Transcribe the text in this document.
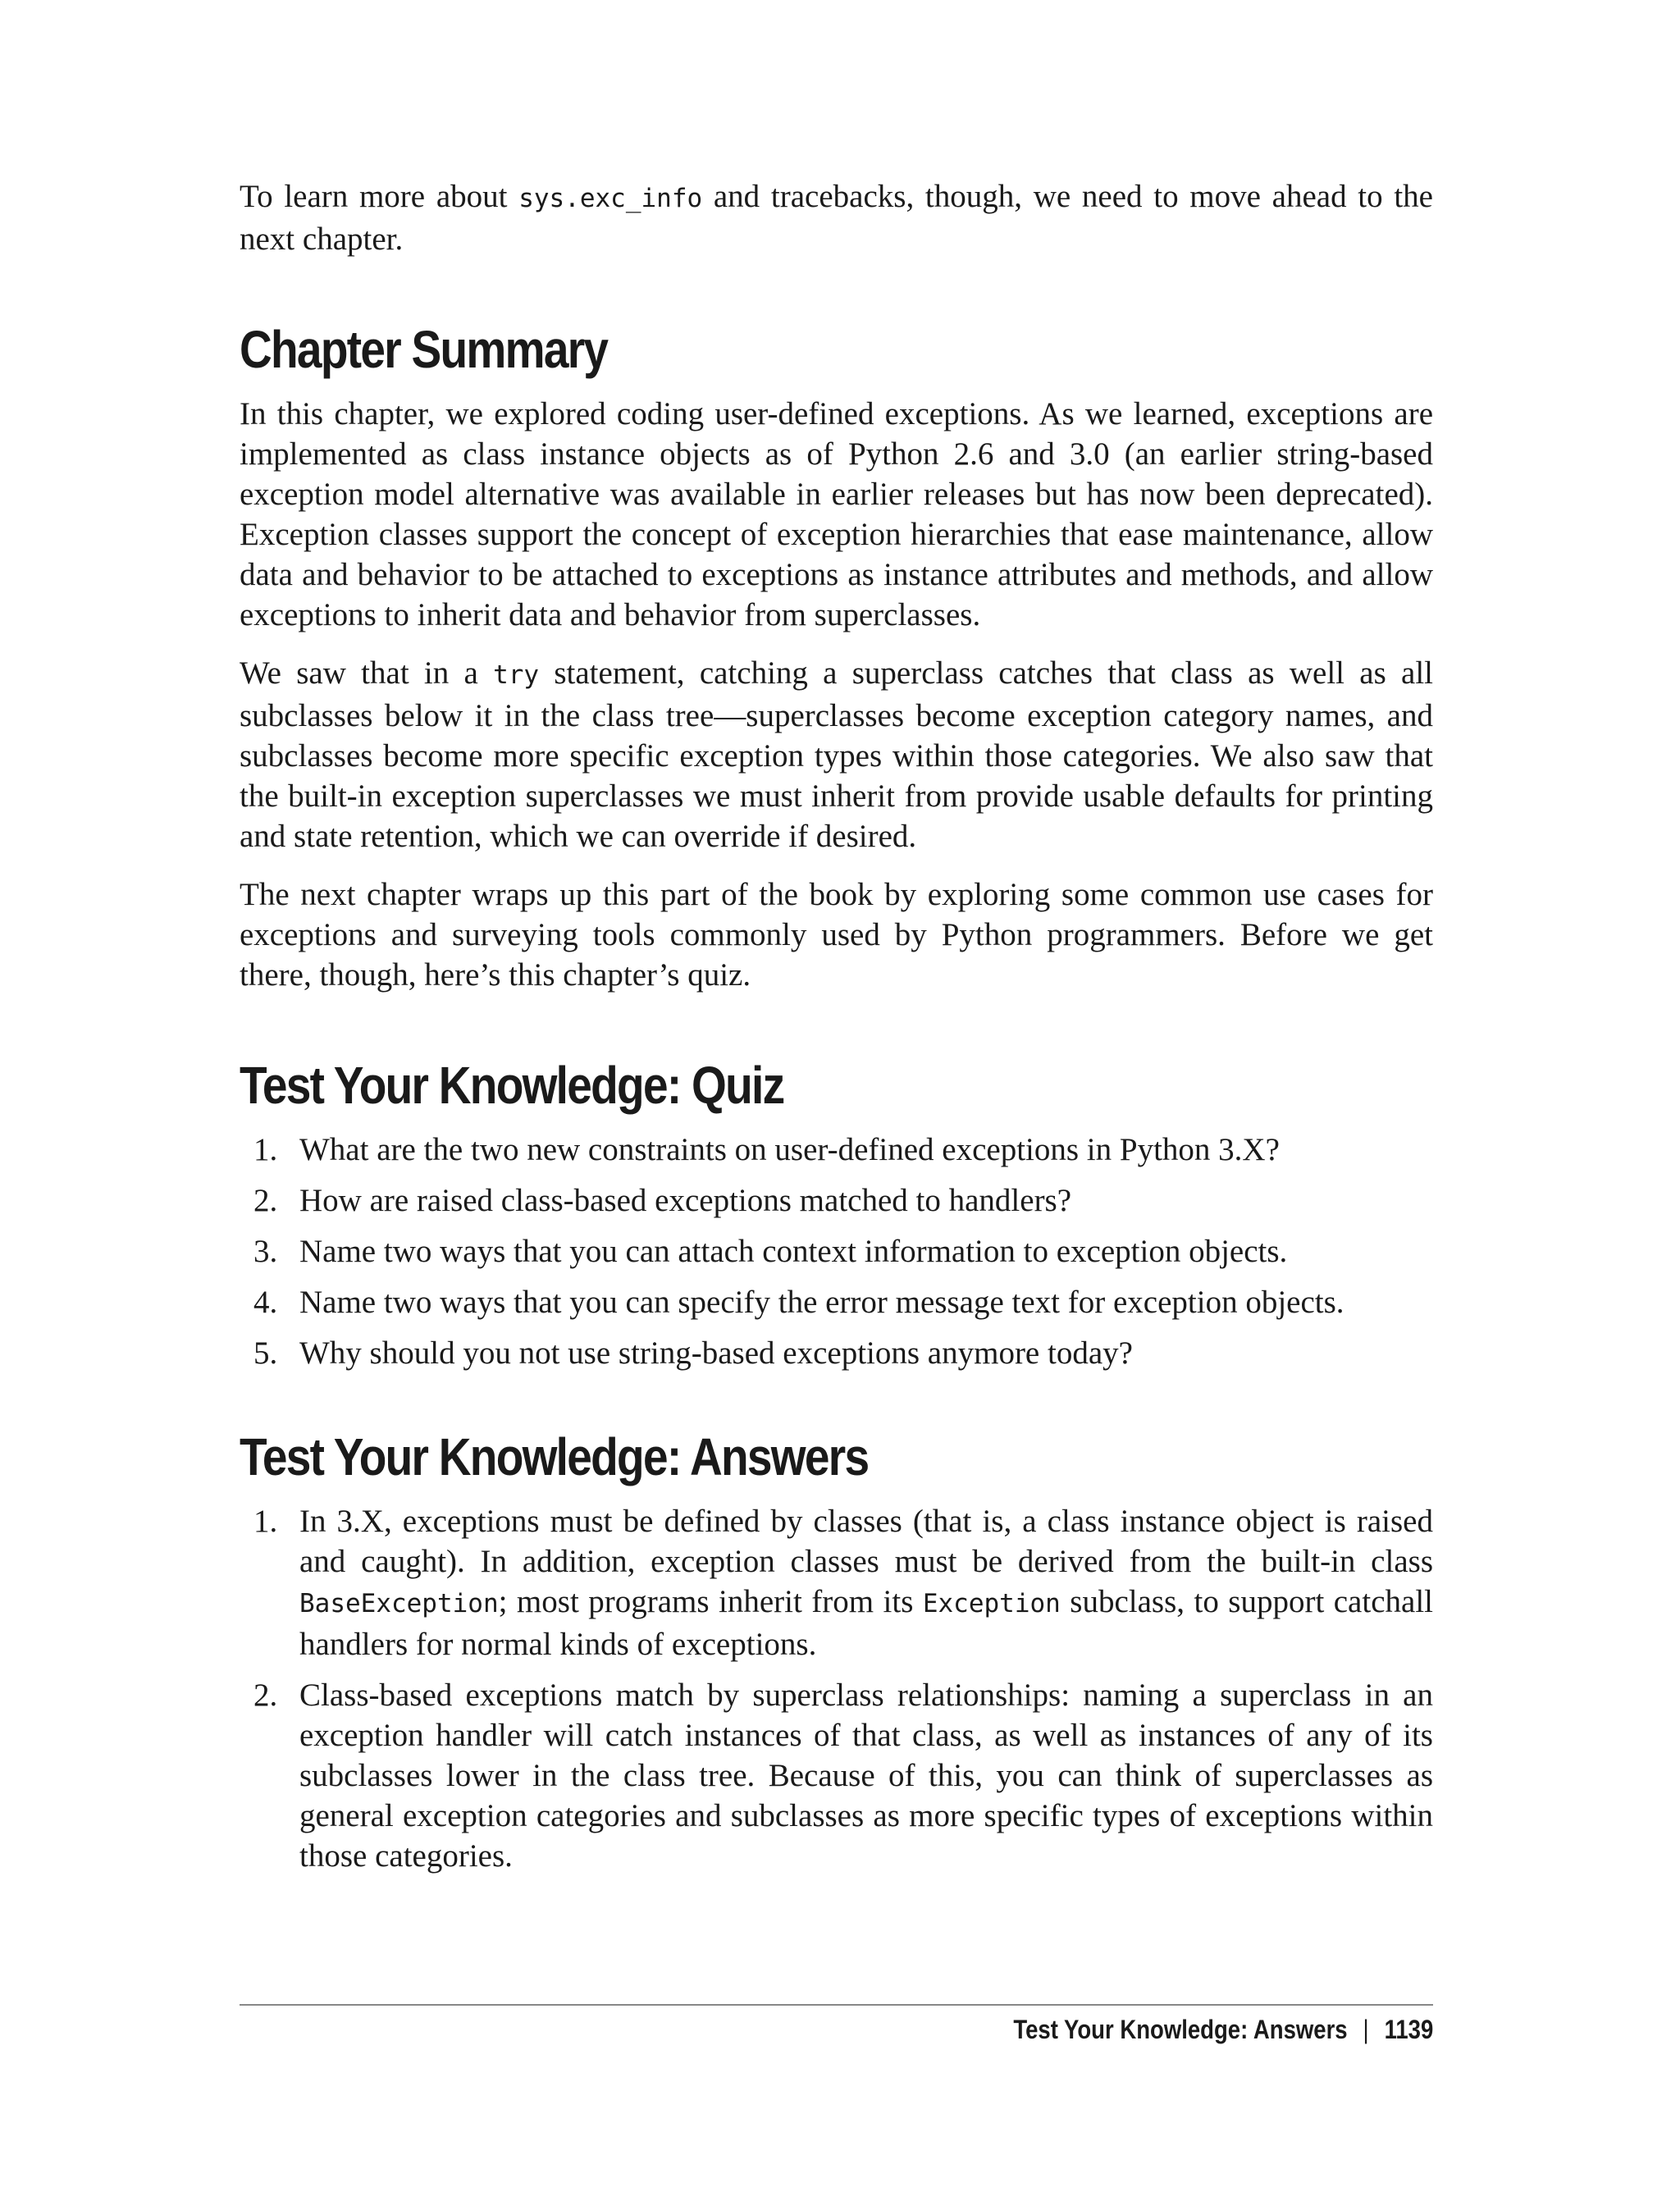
To learn more about sys.exc_info and tracebacks, though, we need to move ahead to the next chapter.

Chapter Summary

In this chapter, we explored coding user-defined exceptions. As we learned, exceptions are implemented as class instance objects as of Python 2.6 and 3.0 (an earlier string-based exception model alternative was available in earlier releases but has now been deprecated). Exception classes support the concept of exception hierarchies that ease maintenance, allow data and behavior to be attached to exceptions as instance attributes and methods, and allow exceptions to inherit data and behavior from superclasses.

We saw that in a try statement, catching a superclass catches that class as well as all subclasses below it in the class tree—superclasses become exception category names, and subclasses become more specific exception types within those categories. We also saw that the built-in exception superclasses we must inherit from provide usable defaults for printing and state retention, which we can override if desired.

The next chapter wraps up this part of the book by exploring some common use cases for exceptions and surveying tools commonly used by Python programmers. Before we get there, though, here’s this chapter’s quiz.

Test Your Knowledge: Quiz
1. What are the two new constraints on user-defined exceptions in Python 3.X?
2. How are raised class-based exceptions matched to handlers?
3. Name two ways that you can attach context information to exception objects.
4. Name two ways that you can specify the error message text for exception objects.
5. Why should you not use string-based exceptions anymore today?
Test Your Knowledge: Answers
1. In 3.X, exceptions must be defined by classes (that is, a class instance object is raised and caught). In addition, exception classes must be derived from the built-in class BaseException; most programs inherit from its Exception subclass, to support catchall handlers for normal kinds of exceptions.
2. Class-based exceptions match by superclass relationships: naming a superclass in an exception handler will catch instances of that class, as well as instances of any of its subclasses lower in the class tree. Because of this, you can think of superclasses as general exception categories and subclasses as more specific types of exceptions within those categories.
Test Your Knowledge: Answers | 1139
